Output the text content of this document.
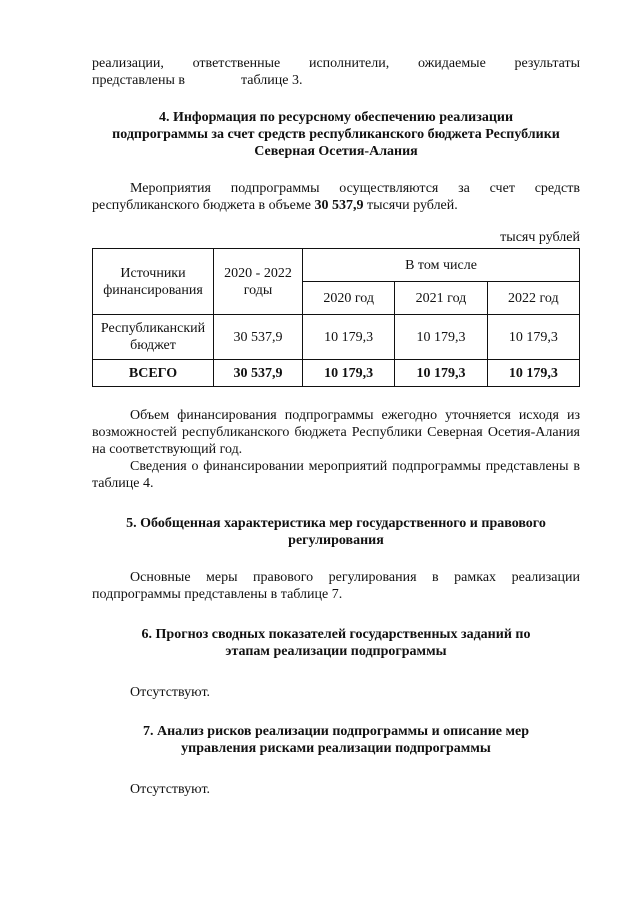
реализации, ответственные исполнители, ожидаемые результаты

представлены в	таблице 3.

4. Информация по ресурсному обеспечению реализации
подпрограммы за счет средств республиканского бюджета Республики
Северная Осетия-Алания

Мероприятия подпрограммы осуществляются за счет средств республиканского бюджета в объеме 30 537,9 тысячи рублей.

тысяч рублей
Источники финансирования	2020 - 2022 годы	В том числе		
		2020 год	2021 год	2022 год
Республиканский бюджет	30 537,9	10 179,3	10 179,3	10 179,3
ВСЕГО	30 537,9	10 179,3	10 179,3	10 179,3

Объем финансирования подпрограммы ежегодно уточняется исходя из возможностей республиканского бюджета Республики Северная Осетия-Алания на соответствующий год.

Сведения о финансировании мероприятий подпрограммы представлены в таблице 4.

5. Обобщенная характеристика мер государственного и правового
регулирования

Основные меры правового регулирования в рамках реализации подпрограммы представлены в таблице 7.

6. Прогноз сводных показателей государственных заданий по
этапам реализации подпрограммы

Отсутствуют.

7. Анализ рисков реализации подпрограммы и описание мер
управления рисками реализации подпрограммы

Отсутствуют.
